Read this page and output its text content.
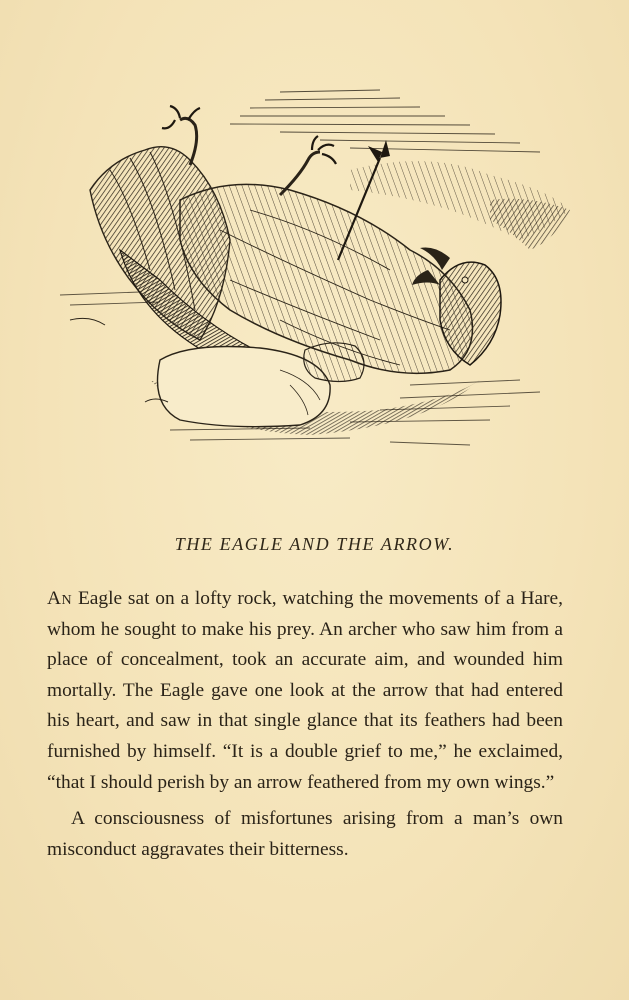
THE EAGLE AND THE ARROW.

An Eagle sat on a lofty rock, watching the movements of a Hare, whom he sought to make his prey. An archer who saw him from a place of concealment, took an accurate aim, and wounded him mortally. The Eagle gave one look at the arrow that had entered his heart, and saw in that single glance that its feathers had been furnished by himself. “It is a double grief to me,” he exclaimed, “that I should perish by an arrow feathered from my own wings.”

A consciousness of misfortunes arising from a man’s own misconduct aggravates their bitterness.
